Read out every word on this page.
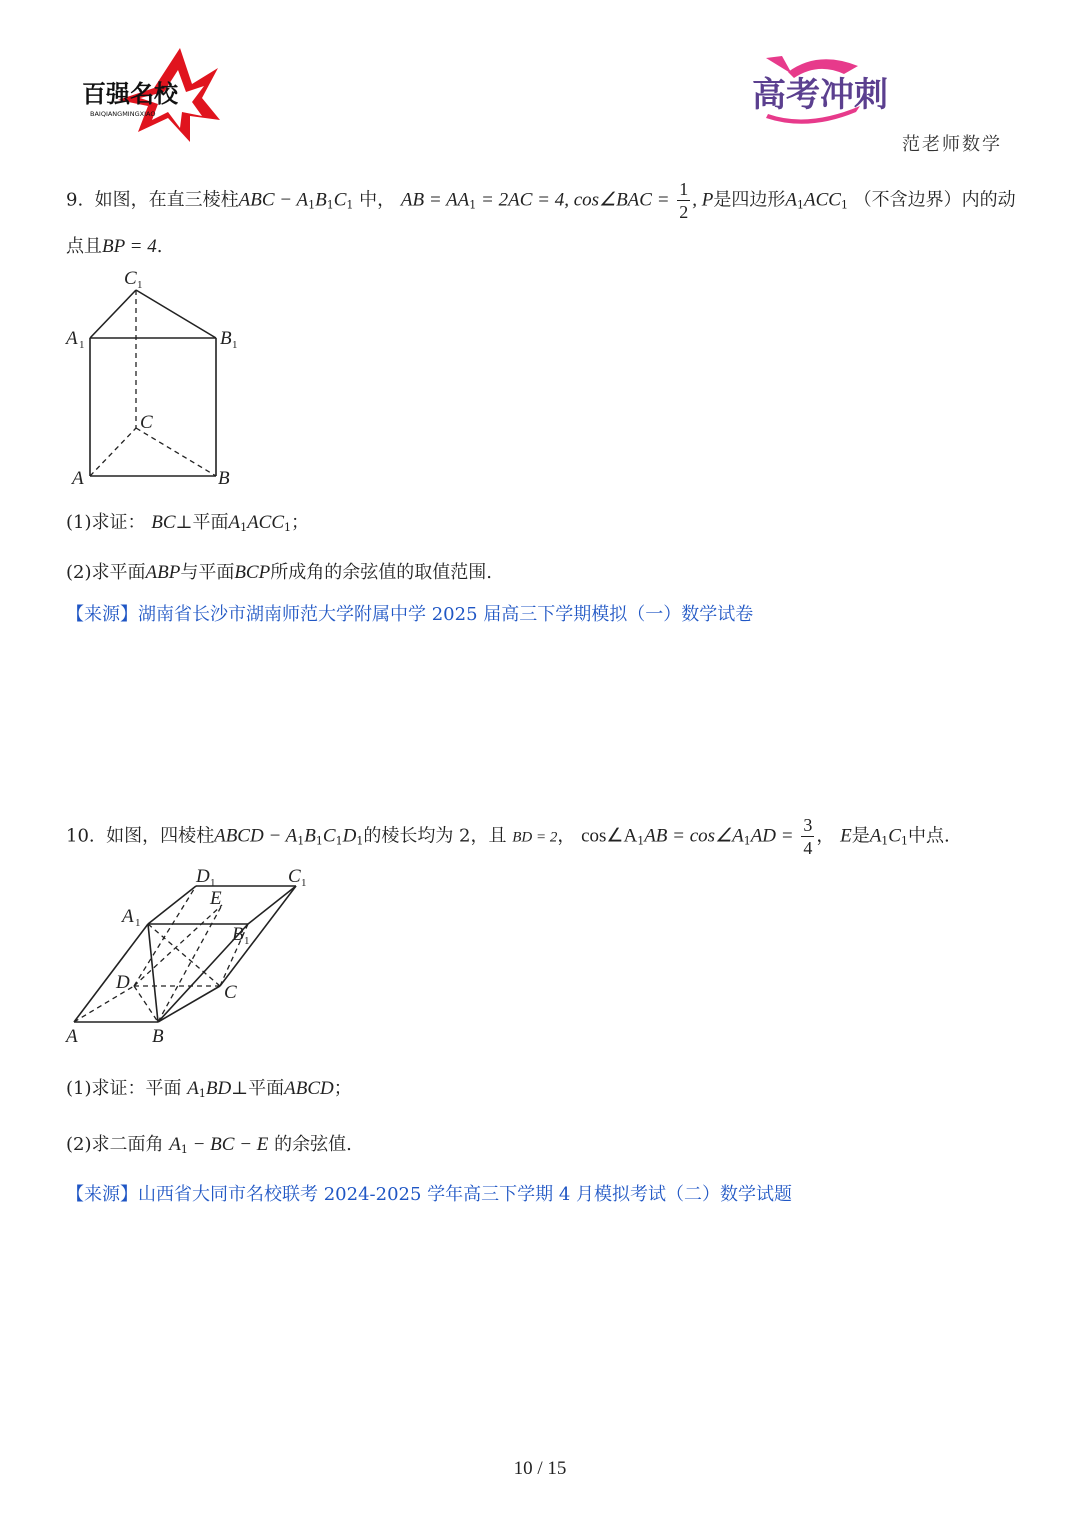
百强名校
BAIQIANGMINGXIAO	高考冲刺
范老师数学
9. 如图，在直三棱柱ABC − $A_1B_1C_1$ 中， AB = $AA_1 = 2AC = 4$, cos∠BAC = $\frac{1}{2}$ , P是四边形$A_1ACC_1$ （不含边界）内的动
点且BP = 4.
C 1
A 1	B 1
C
A	B
(1)求证： BC⊥平面$A_1ACC_1$；
(2)求平面ABP与平面BCP所成角的余弦值的取值范围.
【来源】湖南省长沙市湖南师范大学附属中学 2025 届高三下学期模拟（一）数学试卷
10. 如图，四棱柱ABCD − $A_1B_1C_1D_1$的棱长均为 2，且 BD = 2， $\cos\angle A_1AB$ = $\cos\angle A_1AD = \frac{3}{4}$ ， E是$A_1C_1$中点.
D 1	C 1
E
A 1
B 1
D	C
A	B
(1)求证：平面 $A_1BD\perp$平面ABCD；
(2)求二面角 $A_1$ − BC − E 的余弦值.
【来源】山西省大同市名校联考 2024-2025 学年高三下学期 4 月模拟考试（二）数学试题
10 / 15
